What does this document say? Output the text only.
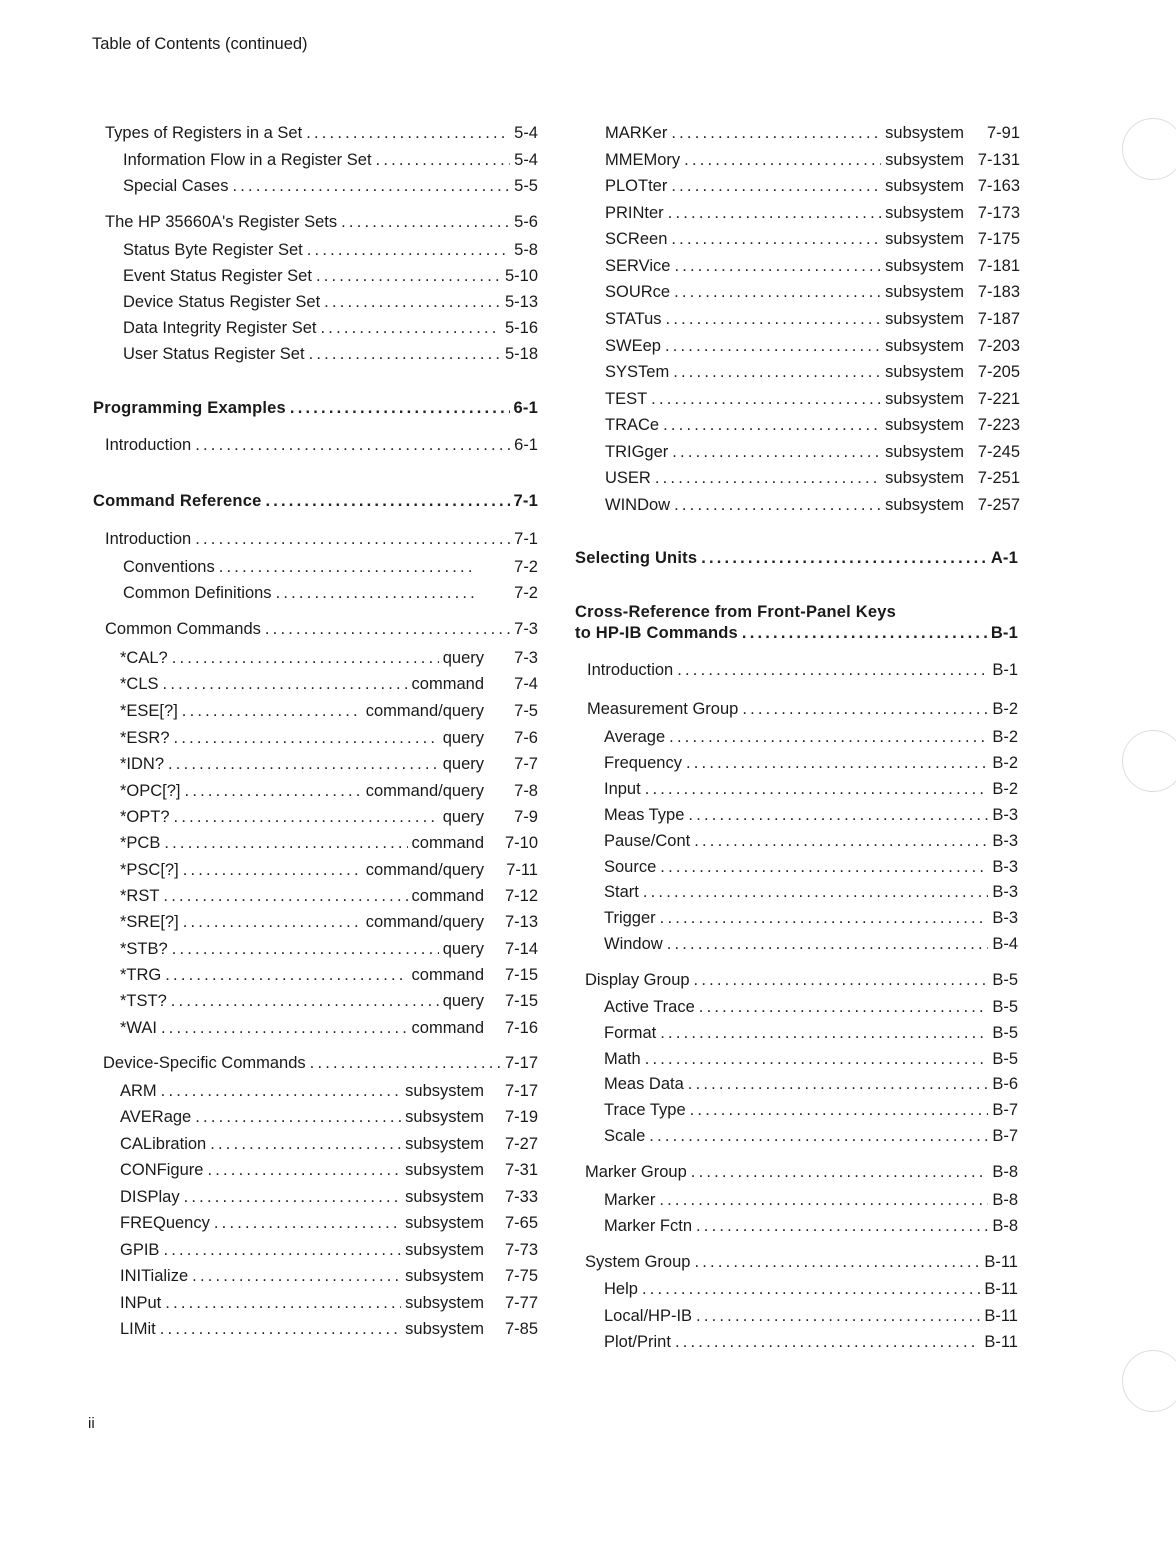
Table of Contents (continued)
Types of Registers in a Set .....	5-4
Information Flow in a Register Set .....	5-4
Special Cases .....	5-5
The HP 35660A's Register Sets .....	5-6
Status Byte Register Set .....	5-8
Event Status Register Set .....	5-10
Device Status Register Set .....	5-13
Data Integrity Register Set .....	5-16
User Status Register Set .....	5-18
Programming Examples .....	6-1
Introduction .....	6-1
Command Reference .....	7-1
Introduction .....	7-1
Conventions .....	7-2
Common Definitions .....	7-2
Common Commands .....	7-3
*CAL? .....	query	7-3
*CLS .....	command	7-4
*ESE[?] .....	command/query	7-5
*ESR? .....	query	7-6
*IDN? .....	query	7-7
*OPC[?] .....	command/query	7-8
*OPT? .....	query	7-9
*PCB .....	command	7-10
*PSC[?] .....	command/query	7-11
*RST .....	command	7-12
*SRE[?] .....	command/query	7-13
*STB? .....	query	7-14
*TRG .....	command	7-15
*TST? .....	query	7-15
*WAI .....	command	7-16
Device-Specific Commands .....	7-17
ARM .....	subsystem	7-17
AVERage .....	subsystem	7-19
CALibration .....	subsystem	7-27
CONFigure .....	subsystem	7-31
DISPlay .....	subsystem	7-33
FREQuency .....	subsystem	7-65
GPIB .....	subsystem	7-73
INITialize .....	subsystem	7-75
INPut .....	subsystem	7-77
LIMit .....	subsystem	7-85
MARKer .....	subsystem	7-91
MMEMory .....	subsystem 7-131
PLOTter .....	subsystem 7-163
PRINter .....	subsystem 7-173
SCReen .....	subsystem 7-175
SERVice .....	subsystem 7-181
SOURce .....	subsystem 7-183
STATus .....	subsystem 7-187
SWEep .....	subsystem 7-203
SYSTem .....	subsystem 7-205
TEST .....	subsystem 7-221
TRACe .....	subsystem 7-223
TRIGger .....	subsystem 7-245
USER .....	subsystem 7-251
WINDow .....	subsystem 7-257
Selecting Units .....	A-1
Cross-Reference from Front-Panel Keys
to HP-IB Commands .....	B-1
Introduction .....	B-1
Measurement Group .....	B-2
Average .....	B-2
Frequency .....	B-2
Input .....	B-2
Meas Type .....	B-3
Pause/Cont .....	B-3
Source .....	B-3
Start .....	B-3
Trigger .....	B-3
Window .....	B-4
Display Group .....	B-5
Active Trace .....	B-5
Format .....	B-5
Math .....	B-5
Meas Data .....	B-6
Trace Type .....	B-7
Scale .....	B-7
Marker Group .....	B-8
Marker .....	B-8
Marker Fctn .....	B-8
System Group .....	B-11
Help .....	B-11
Local/HP-IB .....	B-11
Plot/Print .....	B-11
ii
